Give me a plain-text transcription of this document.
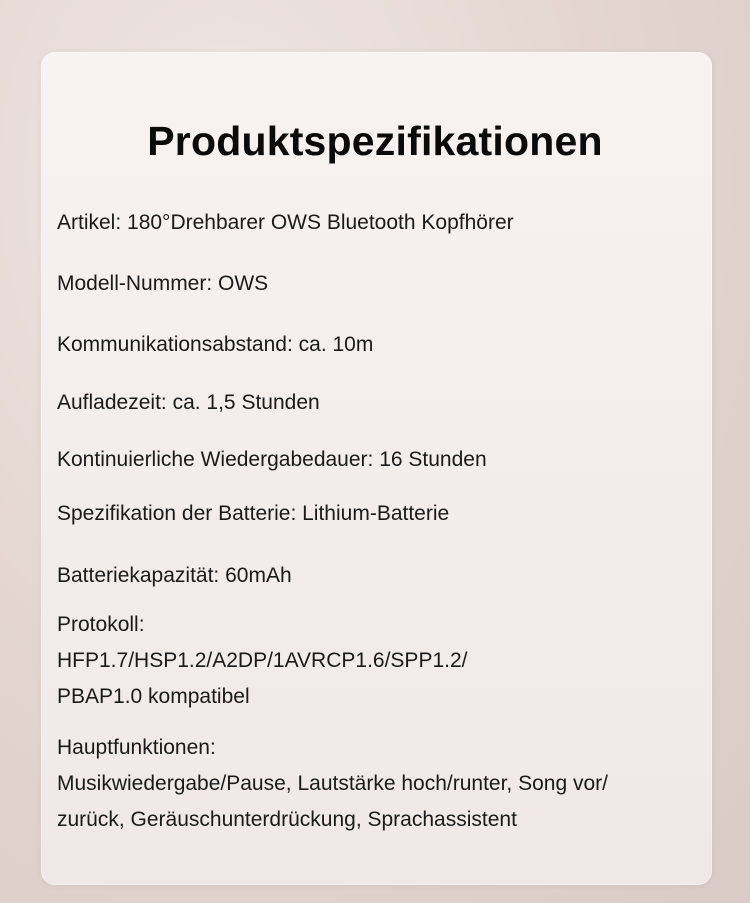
Produktspezifikationen
Artikel: 180°Drehbarer OWS Bluetooth Kopfhörer
Modell-Nummer: OWS
Kommunikationsabstand: ca. 10m
Aufladezeit: ca. 1,5 Stunden
Kontinuierliche Wiedergabedauer: 16 Stunden
Spezifikation der Batterie: Lithium-Batterie
Batteriekapazität: 60mAh
Protokoll:
HFP1.7/HSP1.2/A2DP/1AVRCP1.6/SPP1.2/
PBAP1.0 kompatibel
Hauptfunktionen:
Musikwiedergabe/Pause, Lautstärke hoch/runter, Song vor/
zurück, Geräuschunterdrückung, Sprachassistent
